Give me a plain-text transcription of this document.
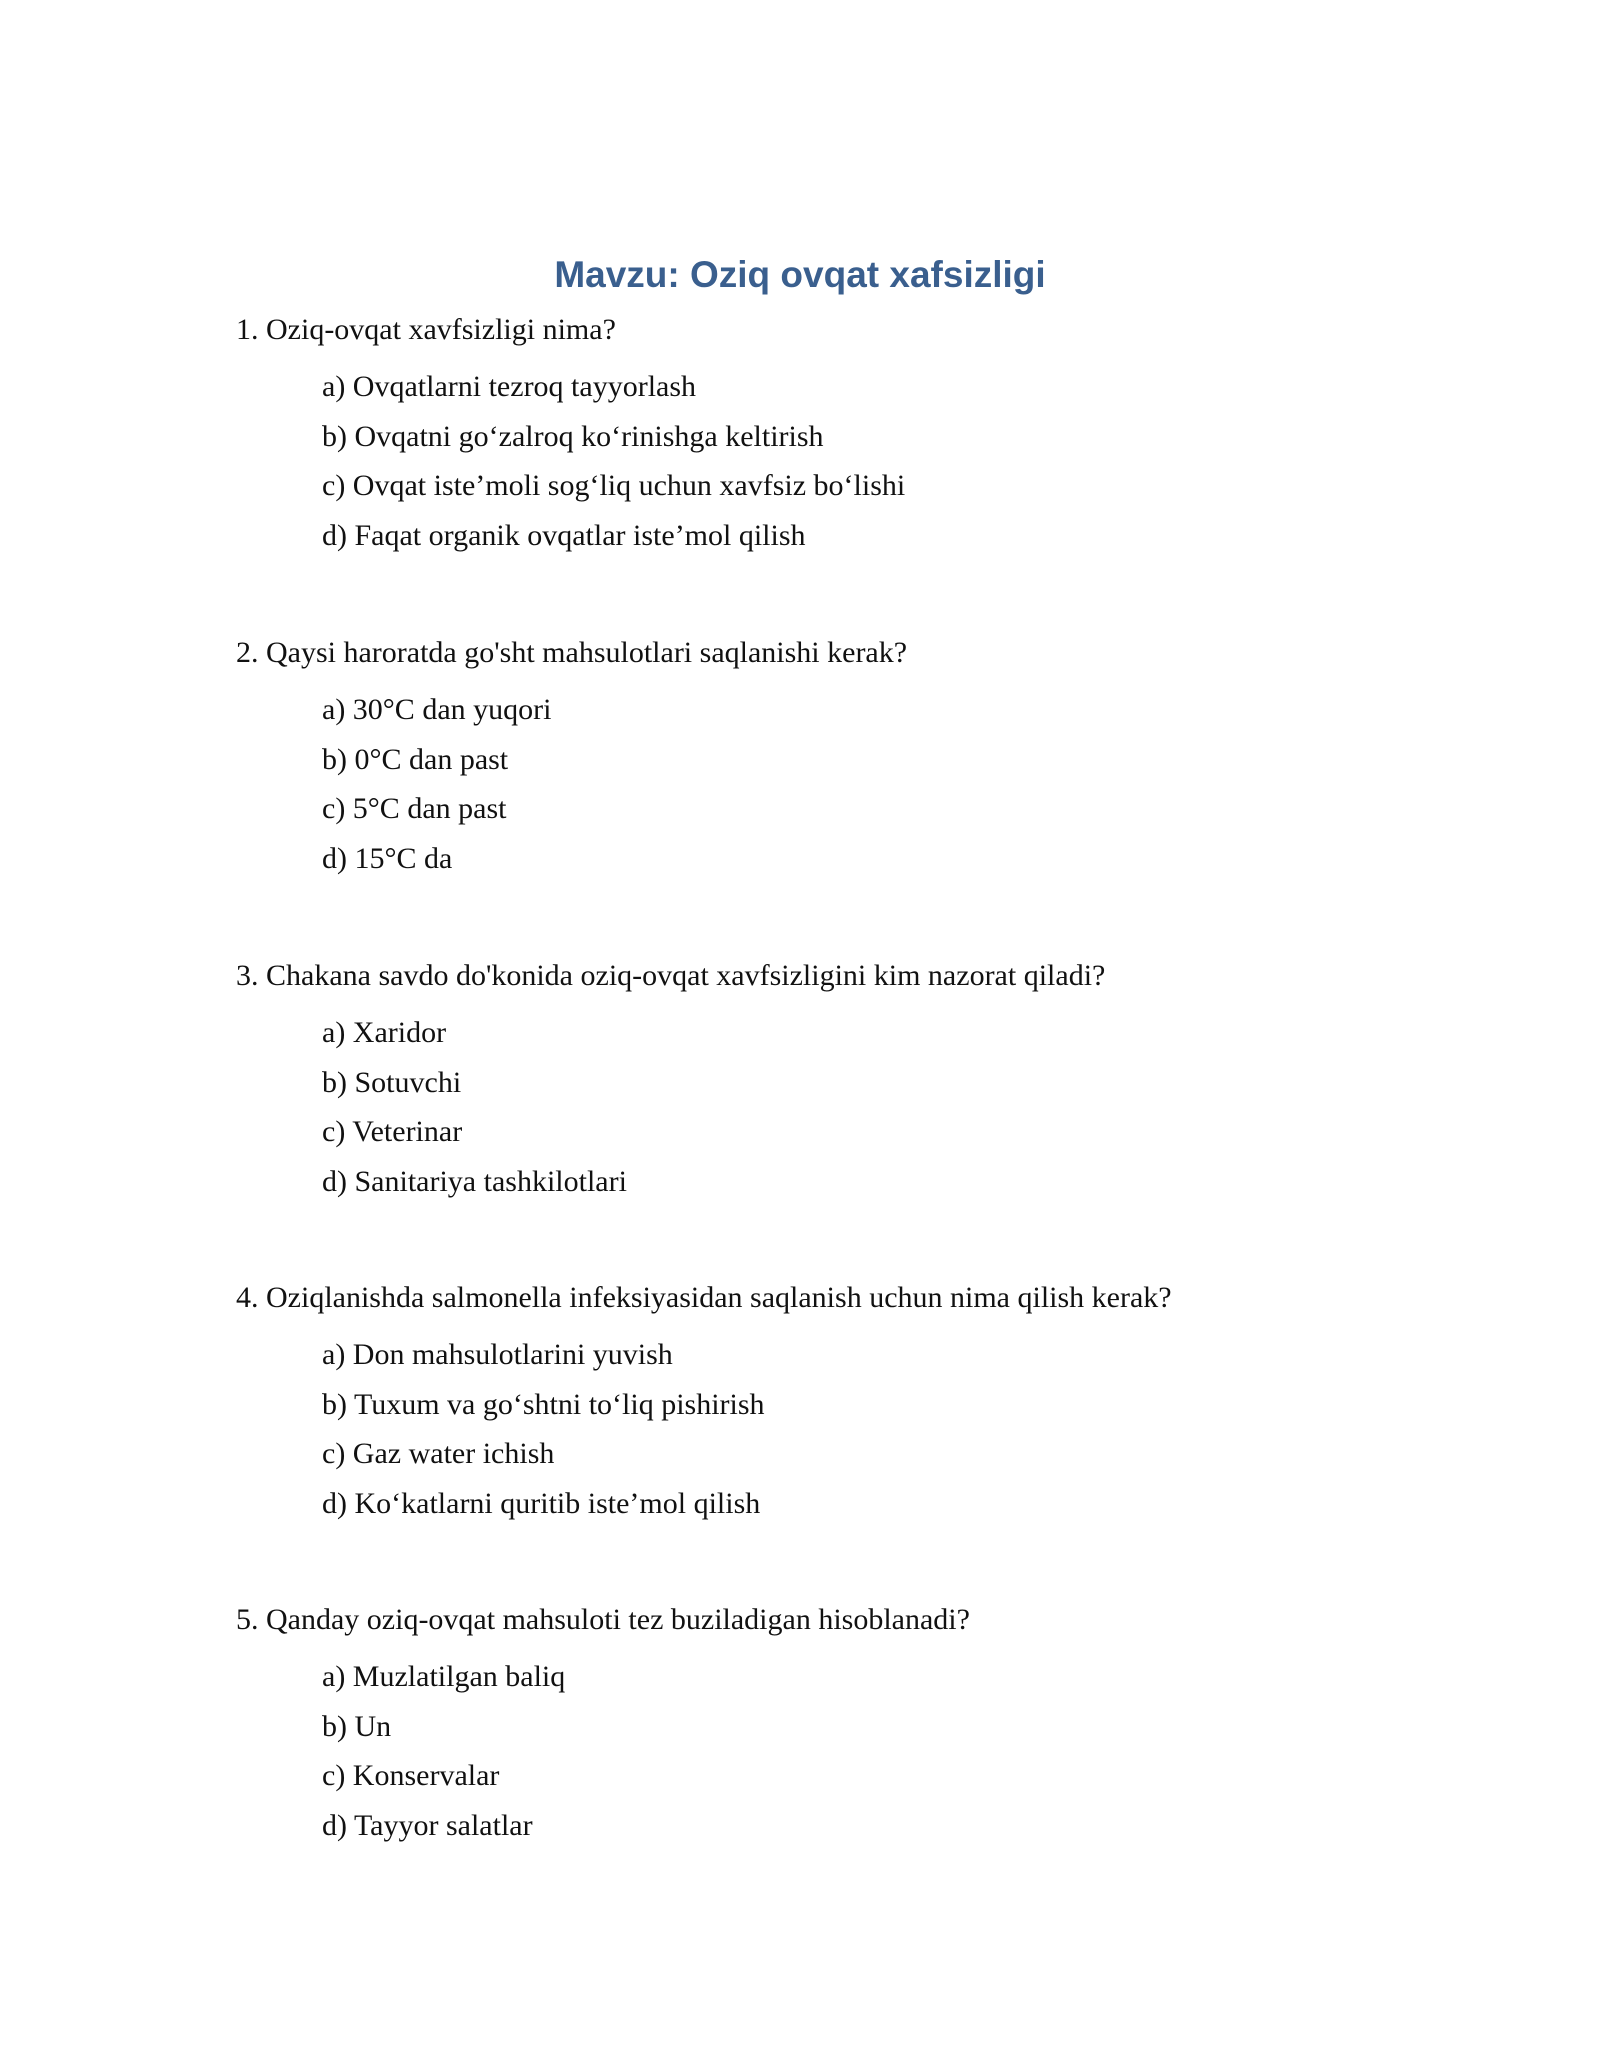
Mavzu: Oziq ovqat xafsizligi

1. Oziq-ovqat xavfsizligi nima?

a) Ovqatlarni tezroq tayyorlash
b) Ovqatni go‘zalroq ko‘rinishga keltirish
c) Ovqat iste’moli sog‘liq uchun xavfsiz bo‘lishi
d) Faqat organik ovqatlar iste’mol qilish

2. Qaysi haroratda go'sht mahsulotlari saqlanishi kerak?

a) 30°C dan yuqori
b) 0°C dan past
c) 5°C dan past
d) 15°C da

3. Chakana savdo do'konida oziq-ovqat xavfsizligini kim nazorat qiladi?

a) Xaridor
b) Sotuvchi
c) Veterinar
d) Sanitariya tashkilotlari

4. Oziqlanishda salmonella infeksiyasidan saqlanish uchun nima qilish kerak?

a) Don mahsulotlarini yuvish
b) Tuxum va go‘shtni to‘liq pishirish
c) Gaz water ichish
d) Ko‘katlarni quritib iste’mol qilish

5. Qanday oziq-ovqat mahsuloti tez buziladigan hisoblanadi?

a) Muzlatilgan baliq
b) Un
c) Konservalar
d) Tayyor salatlar
